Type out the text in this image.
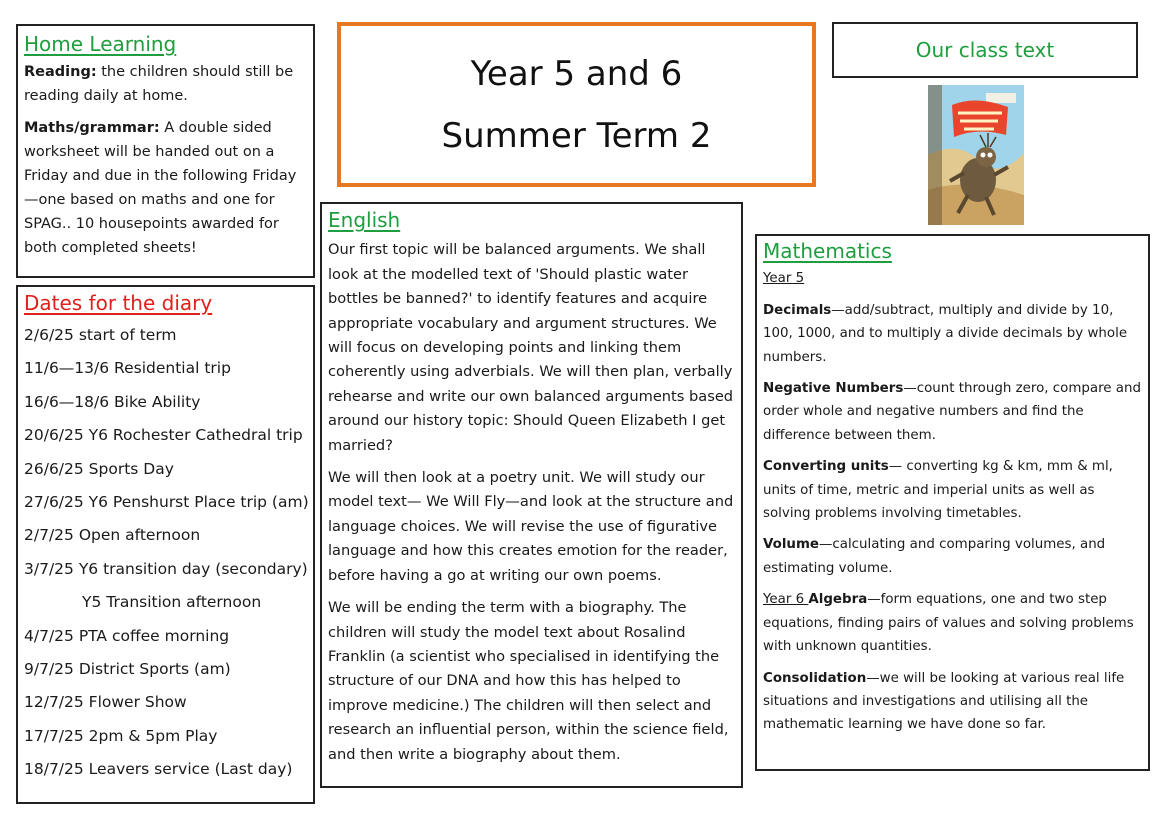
Home Learning

Reading: the children should still be reading daily at home.

Maths/grammar: A double sided worksheet will be handed out on a Friday and due in the following Friday—one based on maths and one for SPAG.. 10 housepoints awarded for both completed sheets!

Year 5 and 6
Summer Term 2
Our class text
Dates for the diary
2/6/25 start of term
11/6—13/6 Residential trip
16/6—18/6 Bike Ability
20/6/25 Y6 Rochester Cathedral trip
26/6/25 Sports Day
27/6/25 Y6 Penshurst Place trip (am)
2/7/25 Open afternoon
3/7/25 Y6 transition day (secondary)
Y5 Transition afternoon
4/7/25 PTA coffee morning
9/7/25 District Sports (am)
12/7/25 Flower Show
17/7/25 2pm & 5pm Play
18/7/25 Leavers service (Last day)
English

Our first topic will be balanced arguments. We shall look at the modelled text of 'Should plastic water bottles be banned?' to identify features and acquire appropriate vocabulary and argument structures. We will focus on developing points and linking them coherently using adverbials. We will then plan, verbally rehearse and write our own balanced arguments based around our history topic: Should Queen Elizabeth I get married?

We will then look at a poetry unit. We will study our model text— We Will Fly—and look at the structure and language choices. We will revise the use of figurative language and how this creates emotion for the reader, before having a go at writing our own poems.

We will be ending the term with a biography. The children will study the model text about Rosalind Franklin (a scientist who specialised in identifying the structure of our DNA and how this has helped to improve medicine.) The children will then select and research an influential person, within the science field, and then write a biography about them.

Mathematics

Year 5

Decimals—add/subtract, multiply and divide by 10, 100, 1000, and to multiply a divide decimals by whole numbers.

Negative Numbers—count through zero, compare and order whole and negative numbers and find the difference between them.

Converting units— converting kg & km, mm & ml, units of time, metric and imperial units as well as solving problems involving timetables.

Volume—calculating and comparing volumes, and estimating volume.

Year 6 Algebra—form equations, one and two step equations, finding pairs of values and solving problems with unknown quantities.

Consolidation—we will be looking at various real life situations and investigations and utilising all the mathematic learning we have done so far.
